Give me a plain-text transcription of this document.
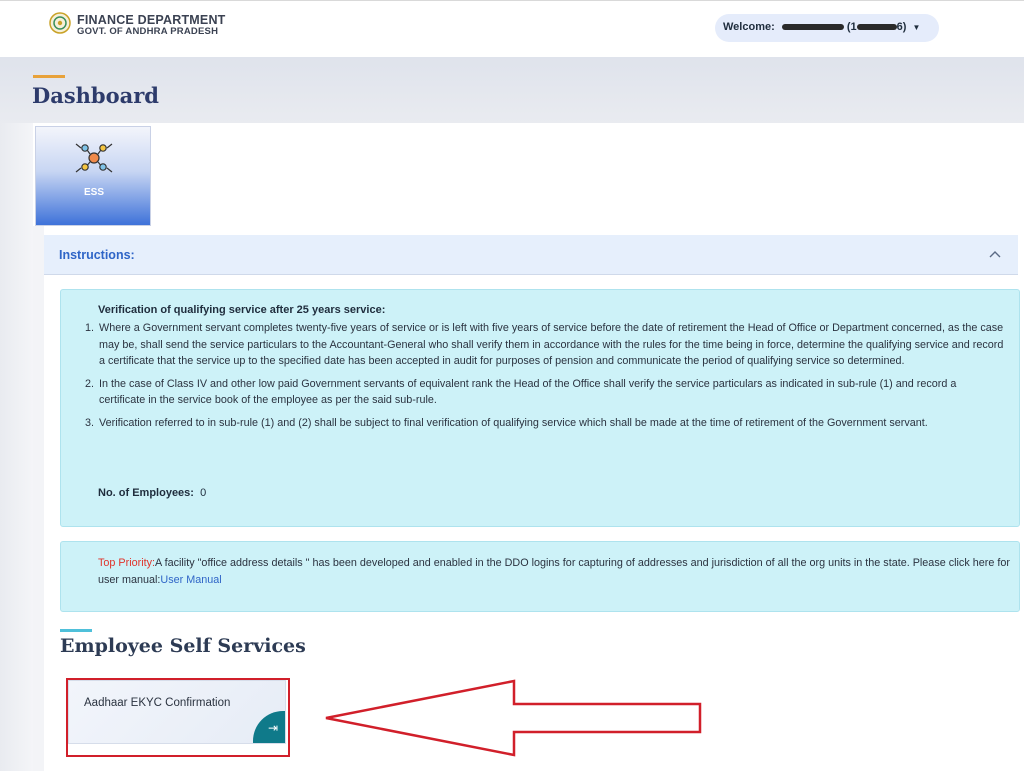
FINANCE DEPARTMENT
GOVT. OF ANDHRA PRADESH	Welcome:	(1	6) ▼
Dashboard
ESS
Instructions:
Verification of qualifying service after 25 years service:
1. Where a Government servant completes twenty-five years of service or is left with five years of service before the date of retirement the Head of Office or Department concerned, as the case may be, shall send the service particulars to the Accountant-General who shall verify them in accordance with the rules for the time being in force, determine the qualifying service and record a certificate that the service up to the specified date has been accepted in audit for purposes of pension and communicate the period of qualifying service so determined.
2. In the case of Class IV and other low paid Government servants of equivalent rank the Head of the Office shall verify the service particulars as indicated in sub-rule (1) and record a certificate in the service book of the employee as per the said sub-rule.
3. Verification referred to in sub-rule (1) and (2) shall be subject to final verification of qualifying service which shall be made at the time of retirement of the Government servant.
No. of Employees: 0
Top Priority:A facility "office address details " has been developed and enabled in the DDO logins for capturing of addresses and jurisdiction of all the org units in the state. Please click here for user manual:User Manual
Employee Self Services
Aadhaar EKYC Confirmation
⇥
